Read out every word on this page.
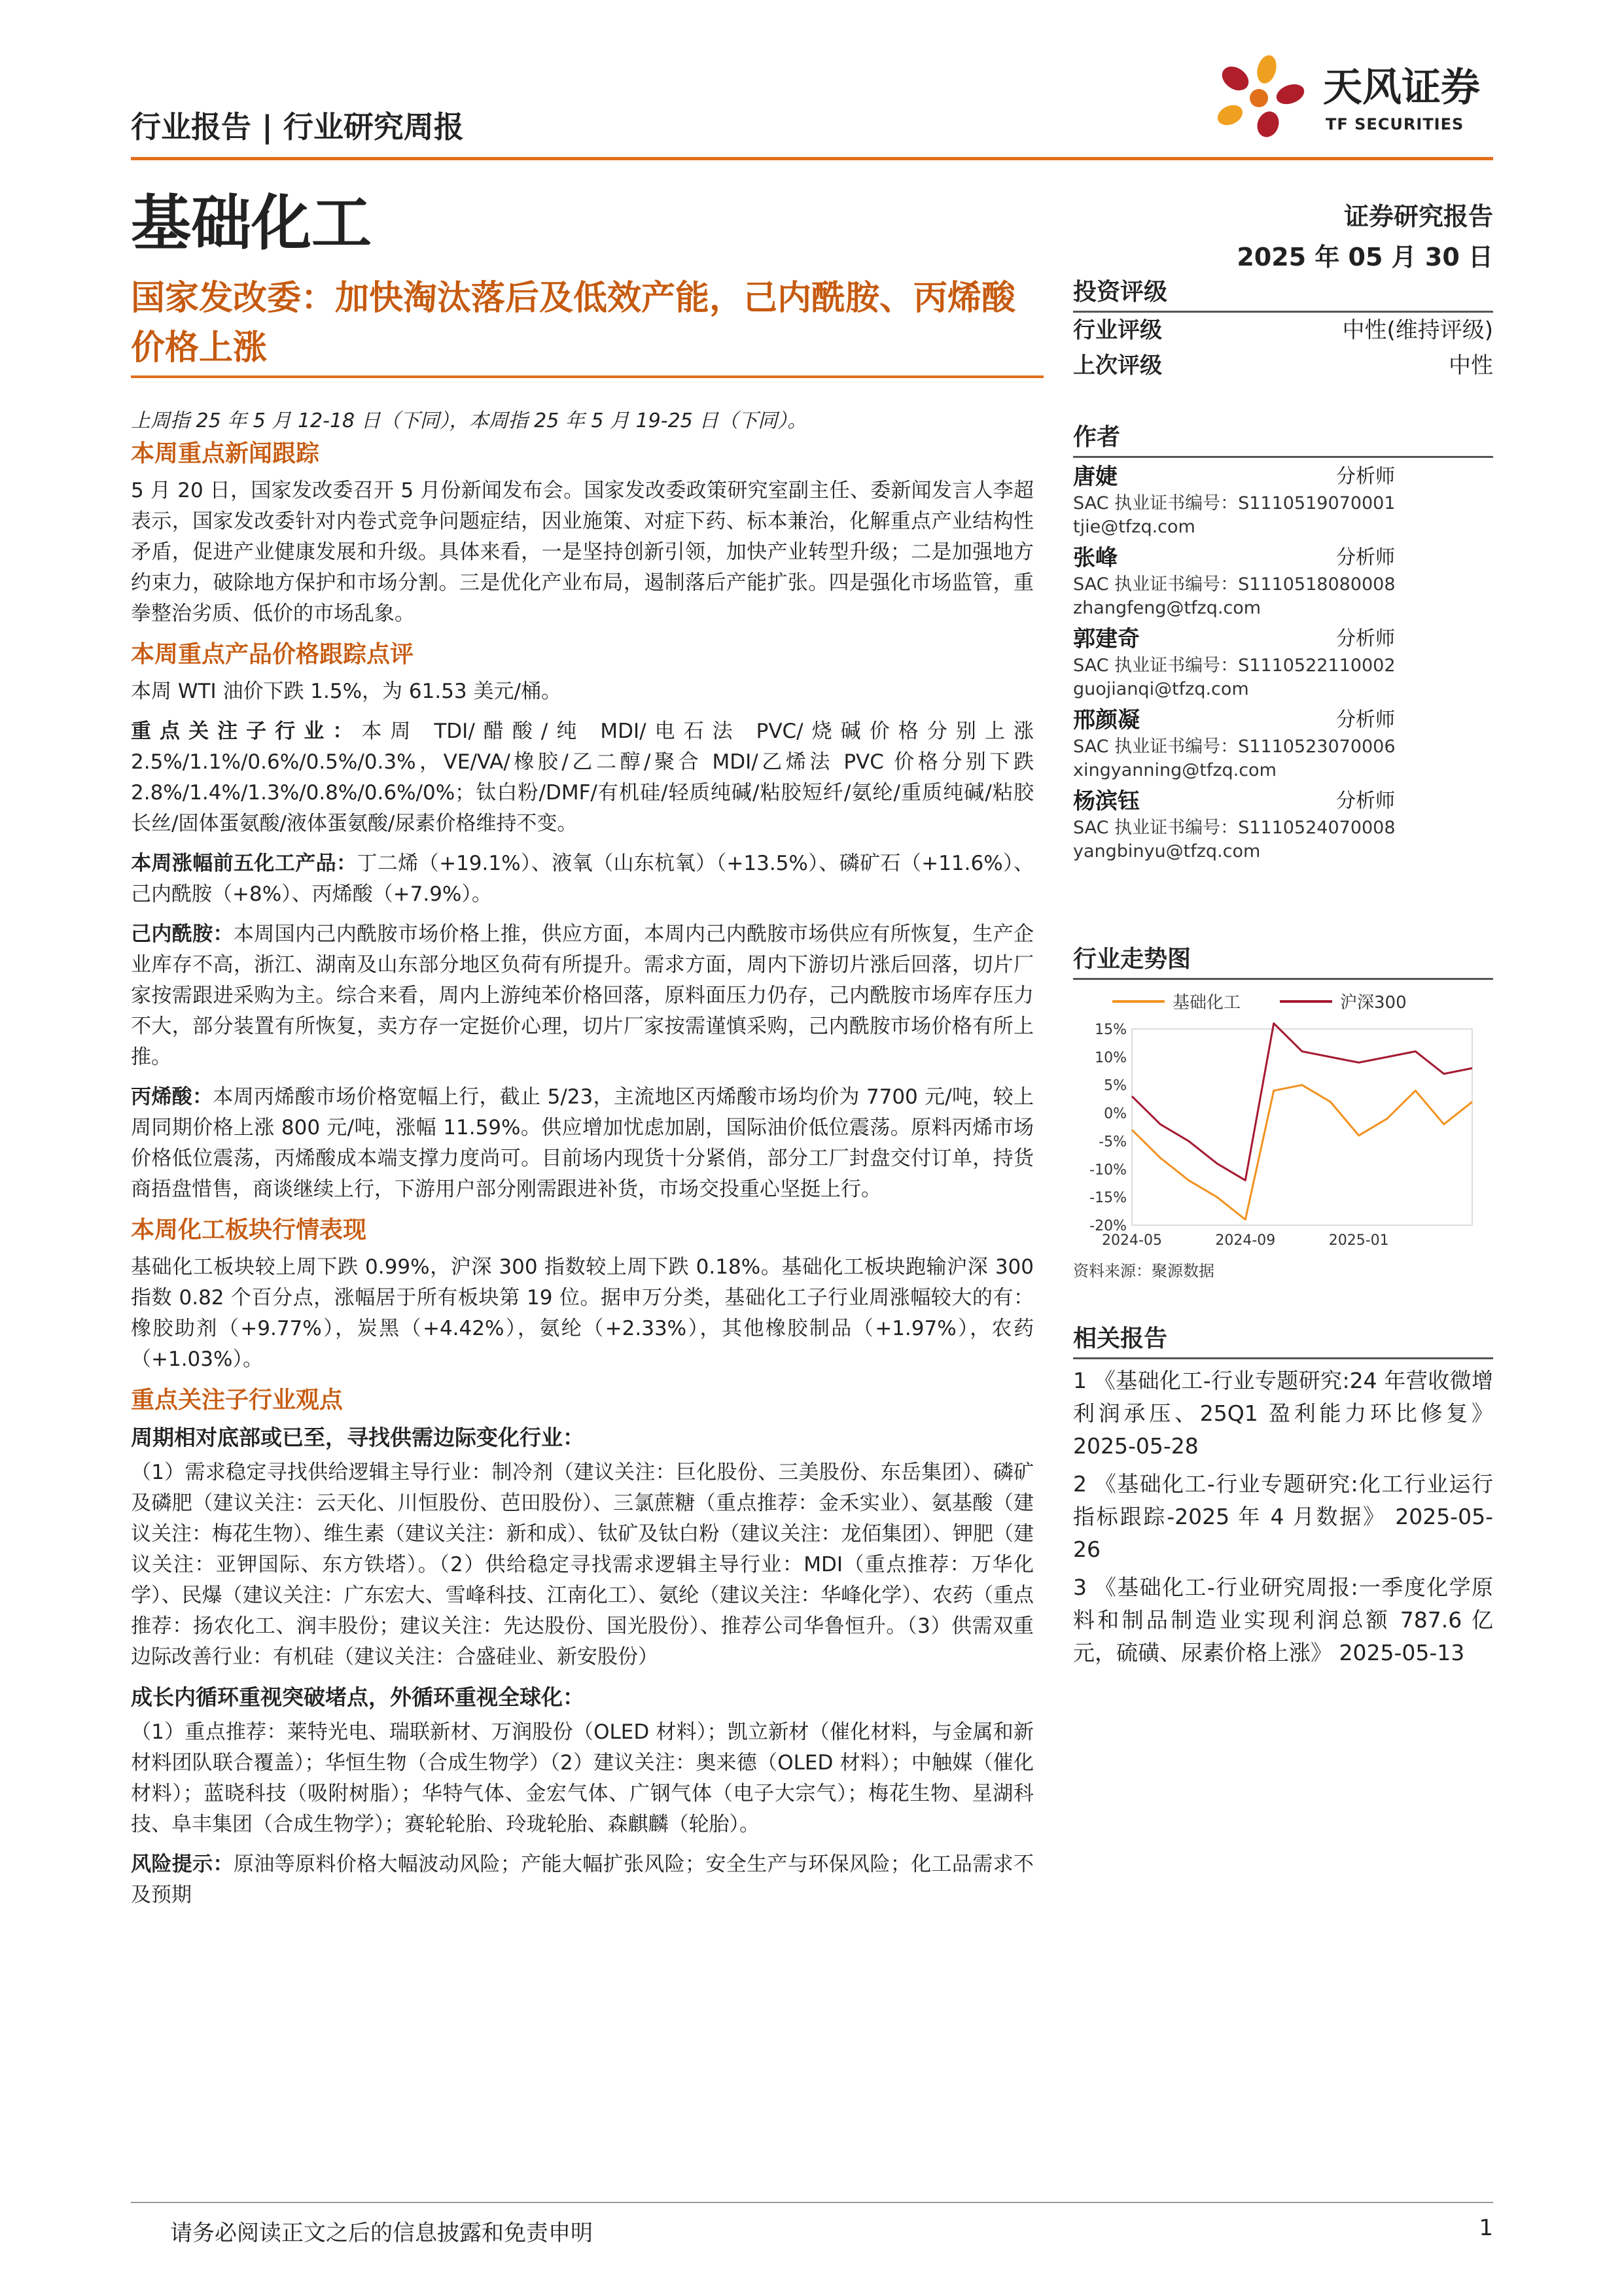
行业报告 | 行业研究周报
基础化工
天风证券
TF SECURITIES
证券研究报告
2025 年 05 月 30 日
国家发改委：加快淘汰落后及低效产能，己内酰胺、丙烯酸价格上涨
上周指 25 年 5 月 12-18 日（下同），本周指 25 年 5 月 19-25 日（下同）。
本周重点新闻跟踪

5 月 20 日，国家发改委召开 5 月份新闻发布会。国家发改委政策研究室副主任、委新闻发言人李超表示，国家发改委针对内卷式竞争问题症结，因业施策、对症下药、标本兼治，化解重点产业结构性矛盾，促进产业健康发展和升级。具体来看，一是坚持创新引领，加快产业转型升级；二是加强地方约束力，破除地方保护和市场分割。三是优化产业布局，遏制落后产能扩张。四是强化市场监管，重拳整治劣质、低价的市场乱象。

本周重点产品价格跟踪点评

本周 WTI 油价下跌 1.5%，为 61.53 美元/桶。

重点关注子行业：本周 TDI/醋酸/纯 MDI/电石法 PVC/烧碱价格分别上涨 2.5%/1.1%/0.6%/0.5%/0.3%，VE/VA/橡胶/乙二醇/聚合 MDI/乙烯法 PVC 价格分别下跌 2.8%/1.4%/1.3%/0.8%/0.6%/0%；钛白粉/DMF/有机硅/轻质纯碱/粘胶短纤/氨纶/重质纯碱/粘胶长丝/固体蛋氨酸/液体蛋氨酸/尿素价格维持不变。

本周涨幅前五化工产品：丁二烯（+19.1%）、液氧（山东杭氧）（+13.5%）、磷矿石（+11.6%）、己内酰胺（+8%）、丙烯酸（+7.9%）。

己内酰胺：本周国内己内酰胺市场价格上推，供应方面，本周内己内酰胺市场供应有所恢复，生产企业库存不高，浙江、湖南及山东部分地区负荷有所提升。需求方面，周内下游切片涨后回落，切片厂家按需跟进采购为主。综合来看，周内上游纯苯价格回落，原料面压力仍存，己内酰胺市场库存压力不大，部分装置有所恢复，卖方存一定挺价心理，切片厂家按需谨慎采购，己内酰胺市场价格有所上推。

丙烯酸：本周丙烯酸市场价格宽幅上行，截止 5/23，主流地区丙烯酸市场均价为 7700 元/吨，较上周同期价格上涨 800 元/吨，涨幅 11.59%。供应增加忧虑加剧，国际油价低位震荡。原料丙烯市场价格低位震荡，丙烯酸成本端支撑力度尚可。目前场内现货十分紧俏，部分工厂封盘交付订单，持货商捂盘惜售，商谈继续上行，下游用户部分刚需跟进补货，市场交投重心坚挺上行。

本周化工板块行情表现

基础化工板块较上周下跌 0.99%，沪深 300 指数较上周下跌 0.18%。基础化工板块跑输沪深 300 指数 0.82 个百分点，涨幅居于所有板块第 19 位。据申万分类，基础化工子行业周涨幅较大的有：橡胶助剂（+9.77%），炭黑（+4.42%），氨纶（+2.33%），其他橡胶制品（+1.97%），农药（+1.03%）。

重点关注子行业观点
周期相对底部或已至，寻找供需边际变化行业：

（1）需求稳定寻找供给逻辑主导行业：制冷剂（建议关注：巨化股份、三美股份、东岳集团）、磷矿及磷肥（建议关注：云天化、川恒股份、芭田股份）、三氯蔗糖（重点推荐：金禾实业）、氨基酸（建议关注：梅花生物）、维生素（建议关注：新和成）、钛矿及钛白粉（建议关注：龙佰集团）、钾肥（建议关注：亚钾国际、东方铁塔）。（2）供给稳定寻找需求逻辑主导行业：MDI（重点推荐：万华化学）、民爆（建议关注：广东宏大、雪峰科技、江南化工）、氨纶（建议关注：华峰化学）、农药（重点推荐：扬农化工、润丰股份；建议关注：先达股份、国光股份）、推荐公司华鲁恒升。（3）供需双重边际改善行业：有机硅（建议关注：合盛硅业、新安股份）

成长内循环重视突破堵点，外循环重视全球化：

（1）重点推荐：莱特光电、瑞联新材、万润股份（OLED 材料）；凯立新材（催化材料，与金属和新材料团队联合覆盖）；华恒生物（合成生物学）（2）建议关注：奥来德（OLED 材料）；中触媒（催化材料）；蓝晓科技（吸附树脂）；华特气体、金宏气体、广钢气体（电子大宗气）；梅花生物、星湖科技、阜丰集团（合成生物学）；赛轮轮胎、玲珑轮胎、森麒麟（轮胎）。

风险提示：原油等原料价格大幅波动风险；产能大幅扩张风险；安全生产与环保风险；化工品需求不及预期

投资评级
行业评级	中性(维持评级)
上次评级	中性
作者
唐婕	分析师
SAC 执业证书编号：S1110519070001
tjie@tfzq.com
张峰	分析师
SAC 执业证书编号：S1110518080008
zhangfeng@tfzq.com
郭建奇	分析师
SAC 执业证书编号：S1110522110002
guojianqi@tfzq.com
邢颜凝	分析师
SAC 执业证书编号：S1110523070006
xingyanning@tfzq.com
杨滨钰	分析师
SAC 执业证书编号：S1110524070008
yangbinyu@tfzq.com
行业走势图
基础化工	沪深300
15%
10%
5%
0%
-5%
-10%
-15%
-20%
2024-05	2024-09	2025-01
资料来源：聚源数据
相关报告
1 《基础化工-行业专题研究:24 年营收微增利润承压、25Q1 盈利能力环比修复》 2025-05-28
2 《基础化工-行业专题研究:化工行业运行指标跟踪-2025 年 4 月数据》 2025-05-26
3 《基础化工-行业研究周报:一季度化学原料和制品制造业实现利润总额 787.6 亿元，硫磺、尿素价格上涨》 2025-05-13
请务必阅读正文之后的信息披露和免责申明	1
